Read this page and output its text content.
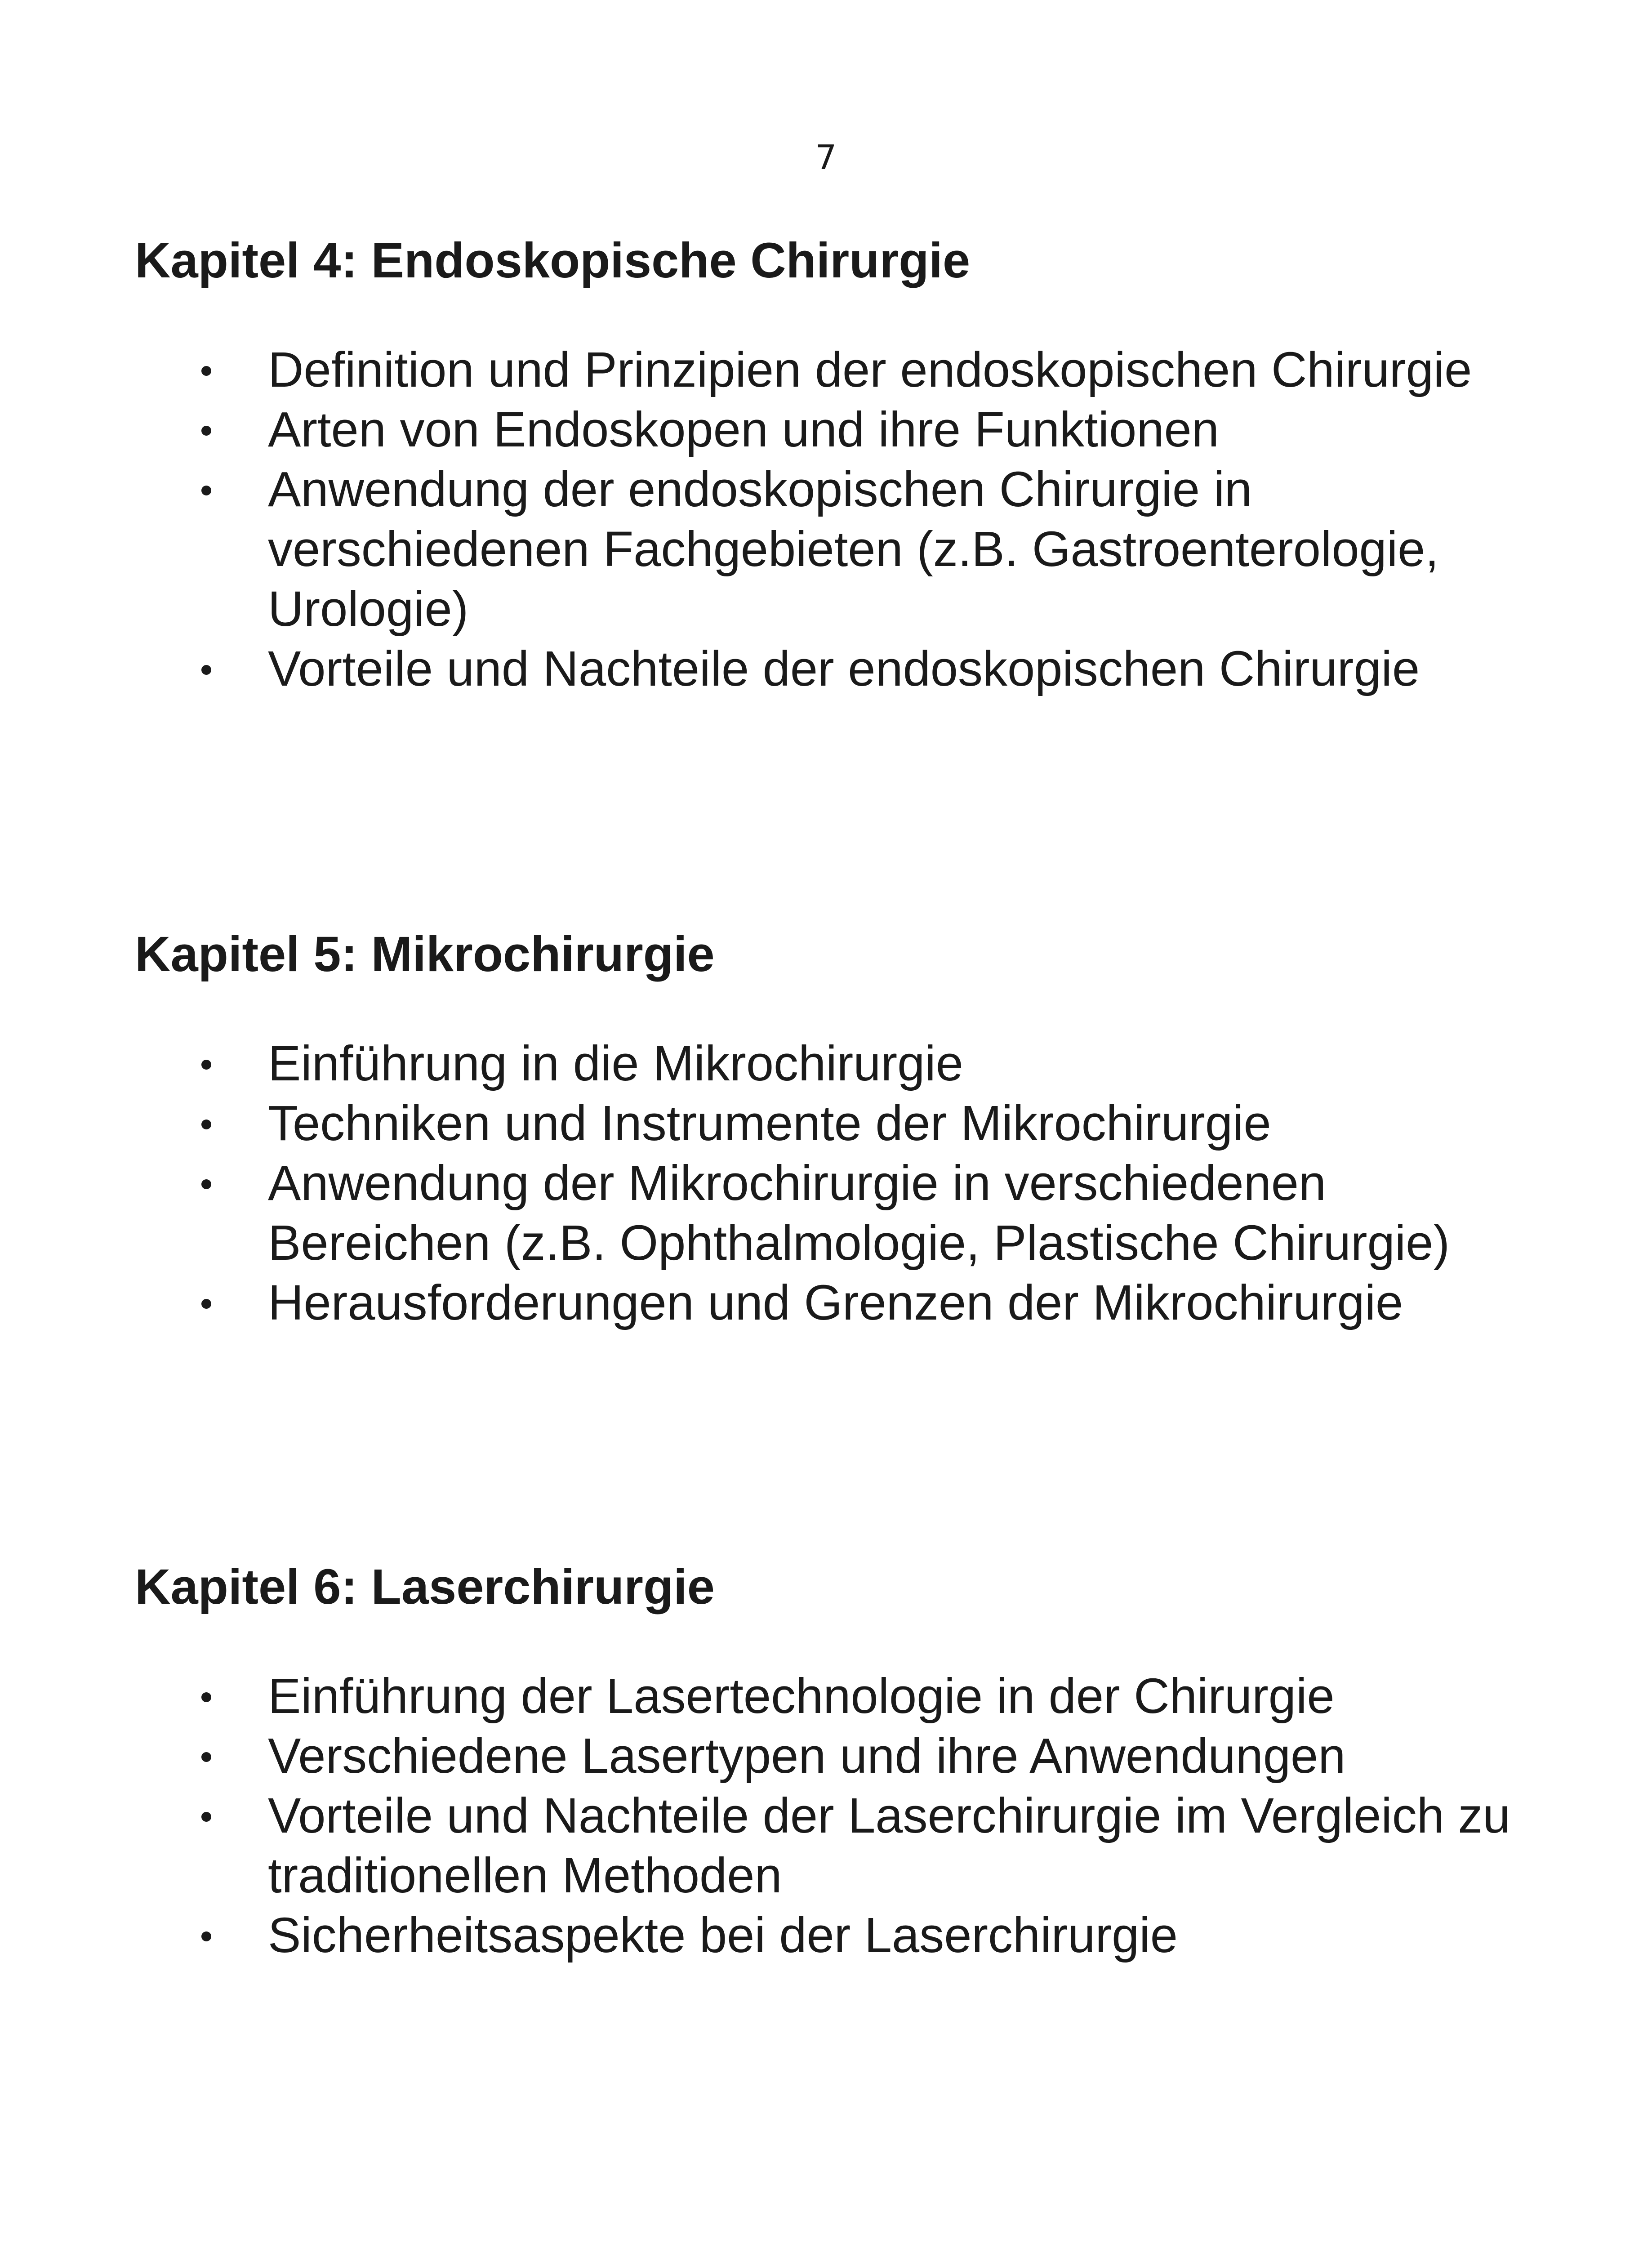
7
Kapitel 4: Endoskopische Chirurgie
Definition und Prinzipien der endoskopischen Chirurgie
Arten von Endoskopen und ihre Funktionen
Anwendung der endoskopischen Chirurgie in verschiedenen Fachgebieten (z.B. Gastroenterologie, Urologie)
Vorteile und Nachteile der endoskopischen Chirurgie
Kapitel 5: Mikrochirurgie
Einführung in die Mikrochirurgie
Techniken und Instrumente der Mikrochirurgie
Anwendung der Mikrochirurgie in verschiedenen Bereichen (z.B. Ophthalmologie, Plastische Chirurgie)
Herausforderungen und Grenzen der Mikrochirurgie
Kapitel 6: Laserchirurgie
Einführung der Lasertechnologie in der Chirurgie
Verschiedene Lasertypen und ihre Anwendungen
Vorteile und Nachteile der Laserchirurgie im Vergleich zu traditionellen Methoden
Sicherheitsaspekte bei der Laserchirurgie
